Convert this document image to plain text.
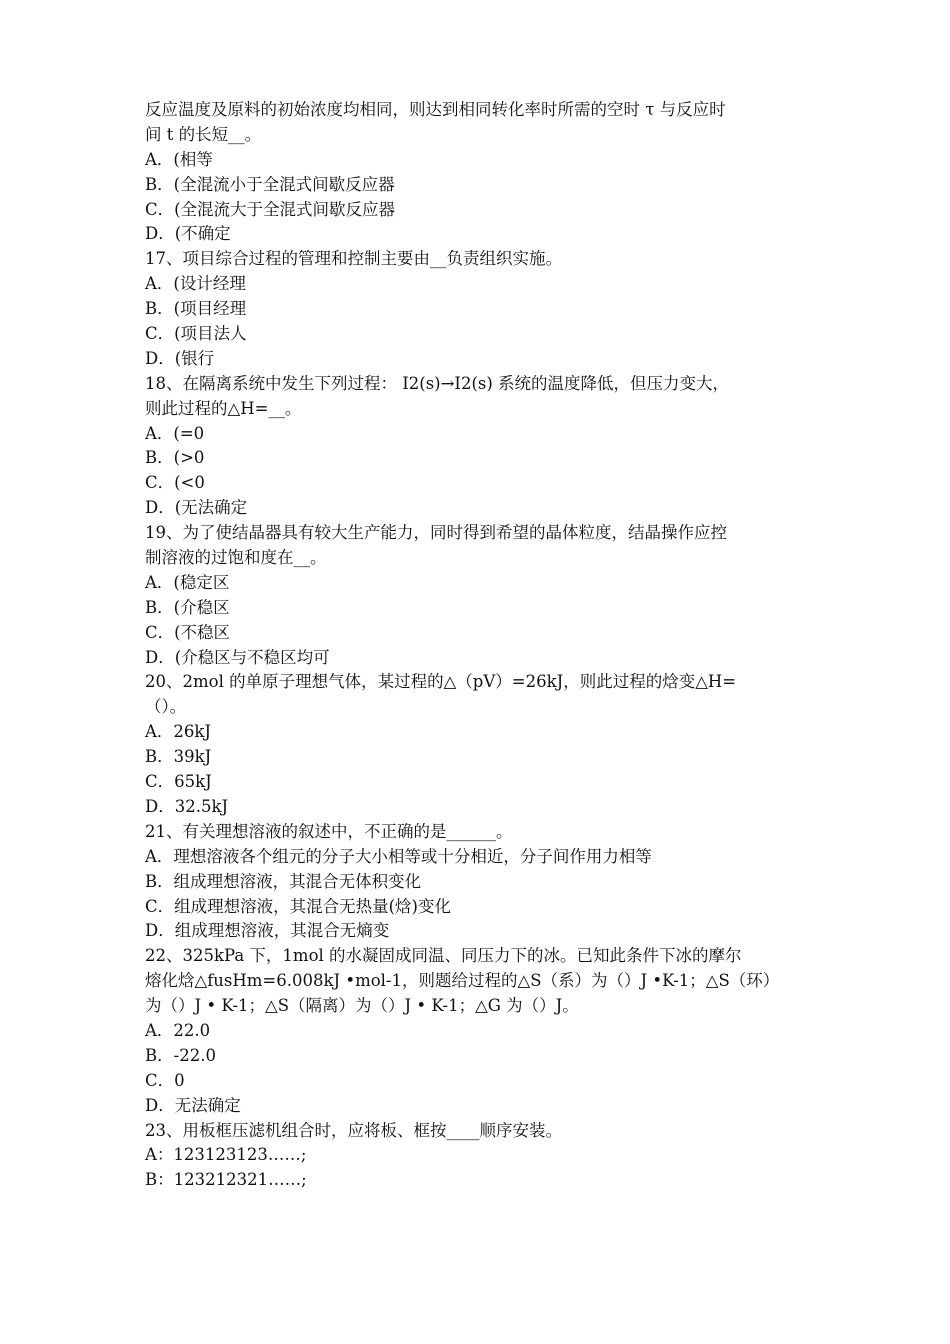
反应温度及原料的初始浓度均相同，则达到相同转化率时所需的空时 τ 与反应时
间 t 的长短__。
A．(相等
B．(全混流小于全混式间歇反应器
C．(全混流大于全混式间歇反应器
D．(不确定
17、项目综合过程的管理和控制主要由__负责组织实施。
A．(设计经理
B．(项目经理
C．(项目法人
D．(银行
18、在隔离系统中发生下列过程： I2(s)→I2(s) 系统的温度降低，但压力变大，
则此过程的△H=__。
A．(=0
B．(>0
C．(<0
D．(无法确定
19、为了使结晶器具有较大生产能力，同时得到希望的晶体粒度，结晶操作应控
制溶液的过饱和度在__。
A．(稳定区
B．(介稳区
C．(不稳区
D．(介稳区与不稳区均可
20、2mol 的单原子理想气体，某过程的△（pV）=26kJ，则此过程的焓变△H=
（）。
A．26kJ
B．39kJ
C．65kJ
D．32.5kJ
21、有关理想溶液的叙述中，不正确的是______。
A．理想溶液各个组元的分子大小相等或十分相近，分子间作用力相等
B．组成理想溶液，其混合无体积变化
C．组成理想溶液，其混合无热量(焓)变化
D．组成理想溶液，其混合无熵变
22、325kPa 下，1mol 的水凝固成同温、同压力下的冰。已知此条件下冰的摩尔
熔化焓△fusHm=6.008kJ •mol-1，则题给过程的△S（系）为（）J •K-1；△S（环）
为（）J • K-1；△S（隔离）为（）J • K-1；△G 为（）J。
A．22.0
B．-22.0
C．0
D．无法确定
23、用板框压滤机组合时，应将板、框按____顺序安装。
A：123123123……;
B：123212321……;
